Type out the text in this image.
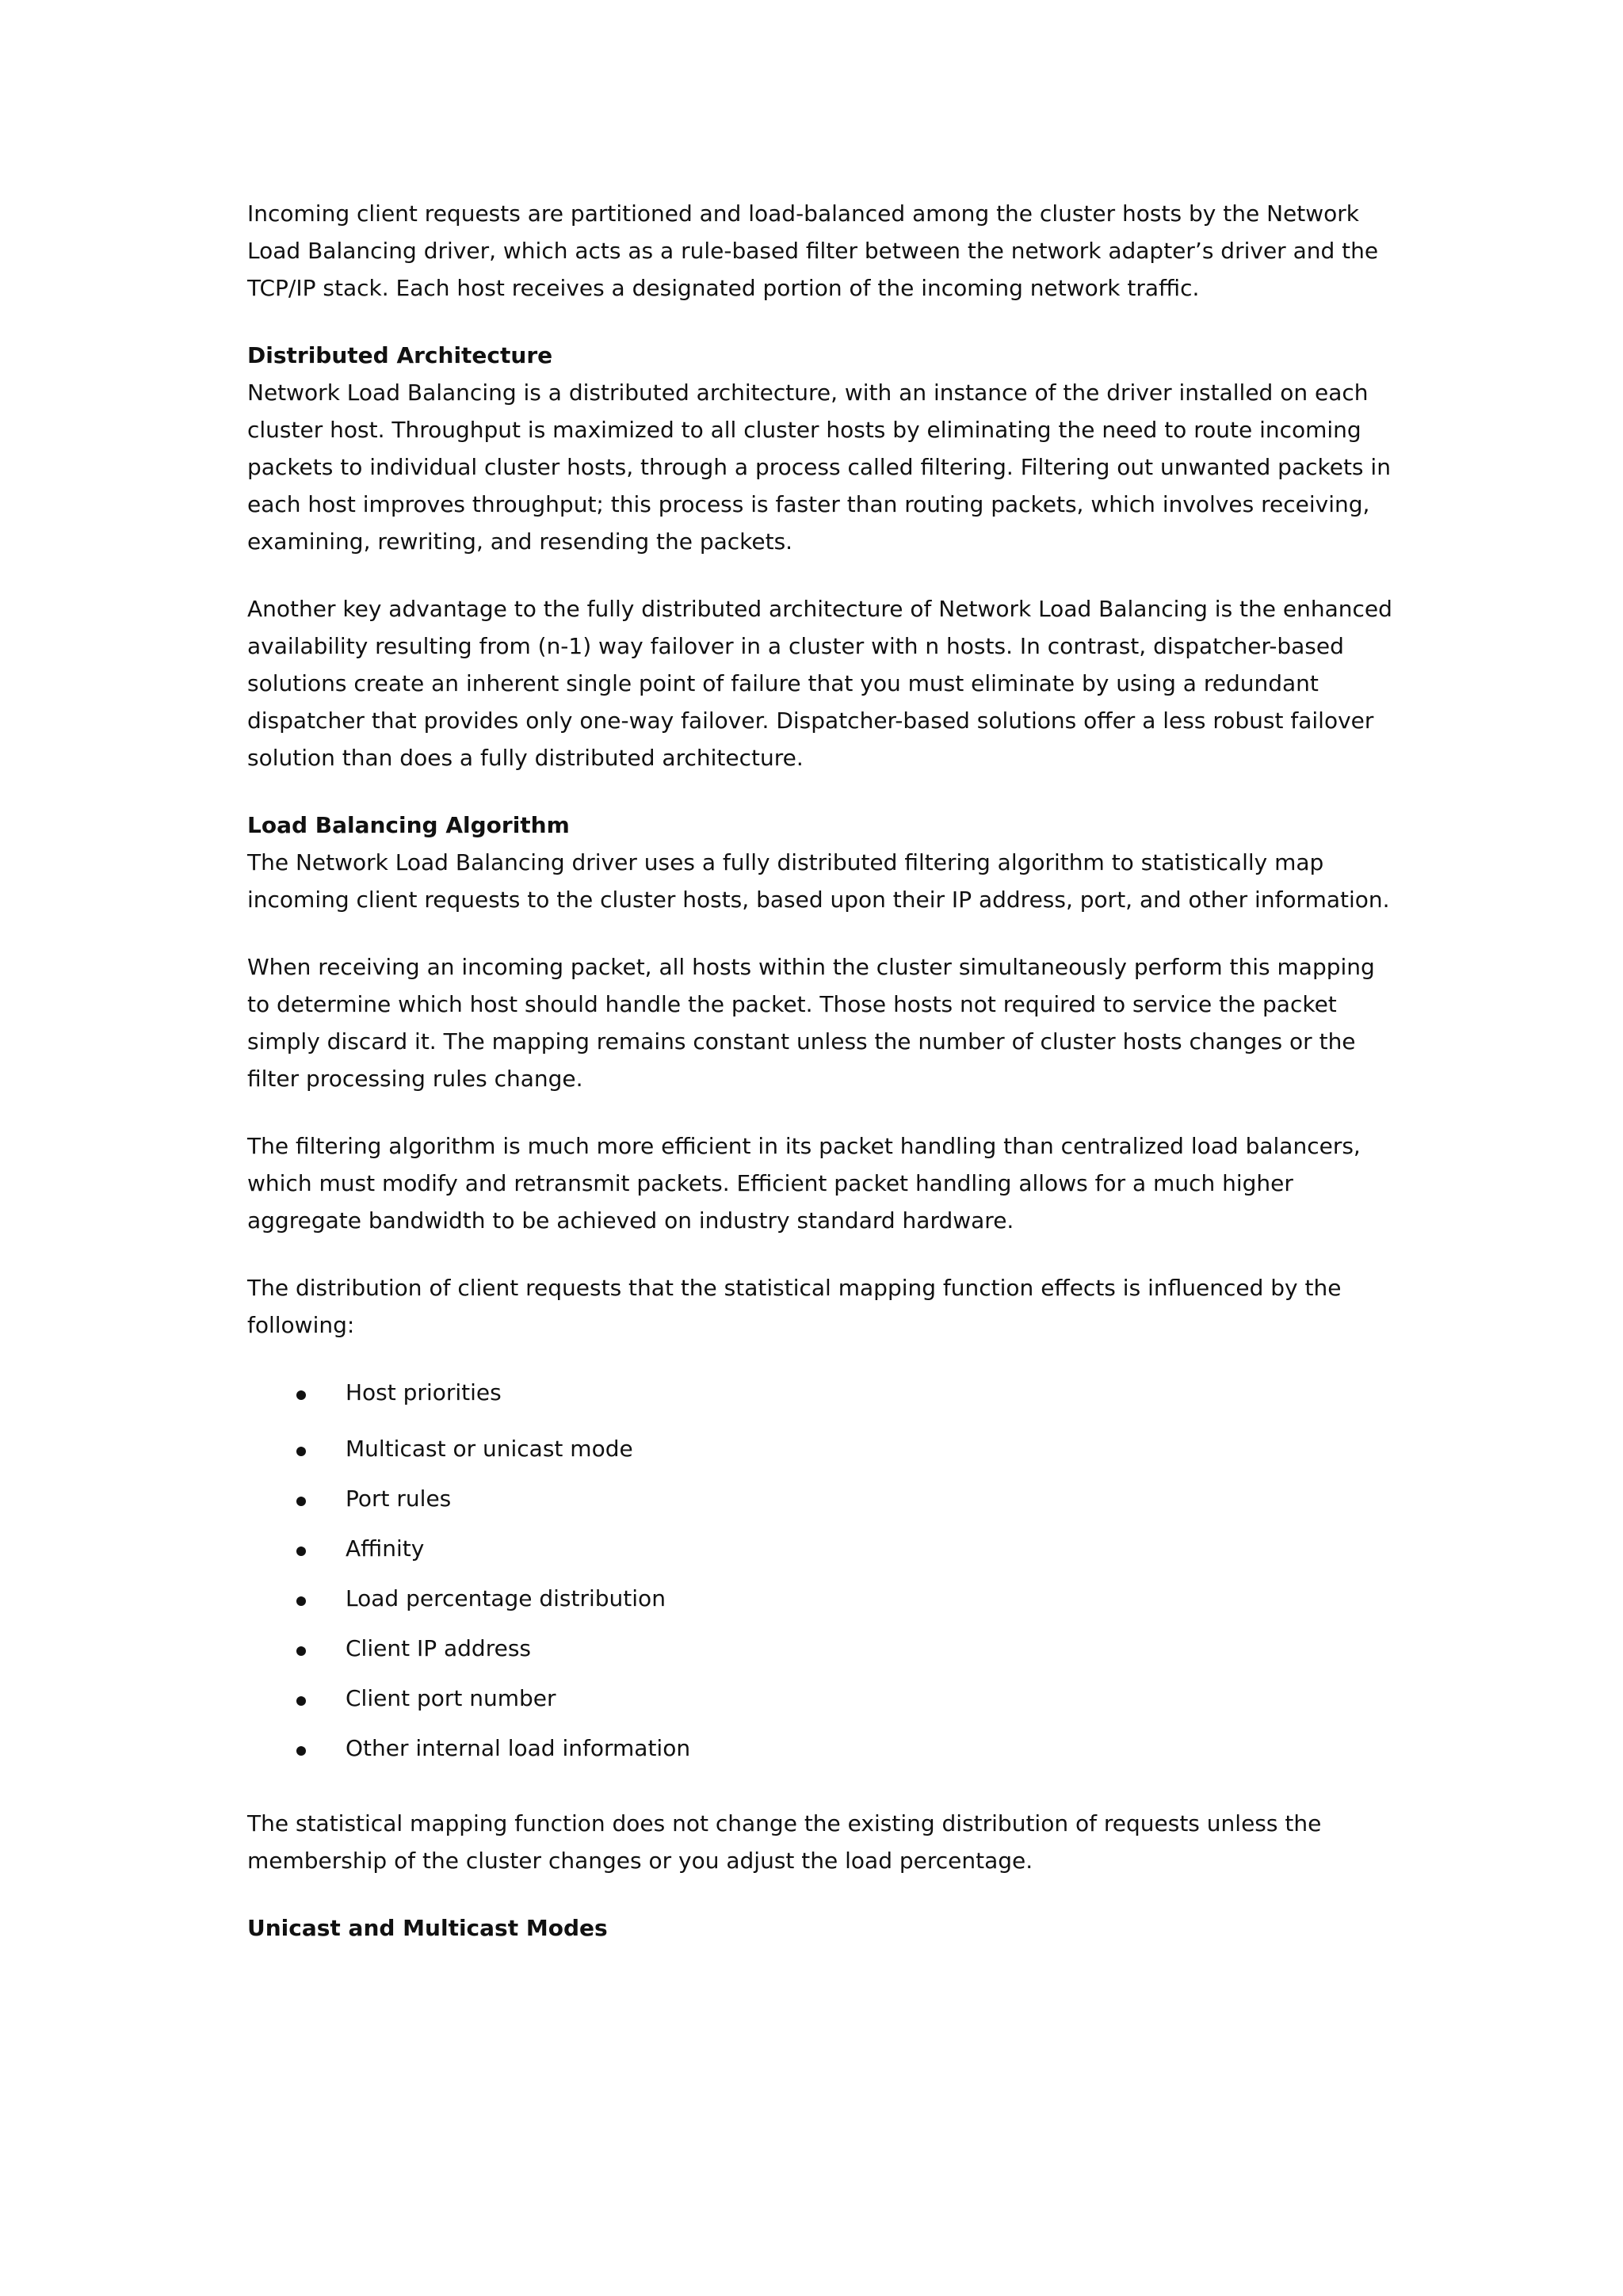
Incoming client requests are partitioned and load-balanced among the cluster hosts by the Network Load Balancing driver, which acts as a rule-based filter between the network adapter’s driver and the TCP/IP stack. Each host receives a designated portion of the incoming network traffic.

Distributed Architecture

Network Load Balancing is a distributed architecture, with an instance of the driver installed on each cluster host. Throughput is maximized to all cluster hosts by eliminating the need to route incoming packets to individual cluster hosts, through a process called filtering. Filtering out unwanted packets in each host improves throughput; this process is faster than routing packets, which involves receiving, examining, rewriting, and resending the packets.

Another key advantage to the fully distributed architecture of Network Load Balancing is the enhanced availability resulting from (n-1) way failover in a cluster with n hosts. In contrast, dispatcher-based solutions create an inherent single point of failure that you must eliminate by using a redundant dispatcher that provides only one-way failover. Dispatcher-based solutions offer a less robust failover solution than does a fully distributed architecture.

Load Balancing Algorithm

The Network Load Balancing driver uses a fully distributed filtering algorithm to statistically map incoming client requests to the cluster hosts, based upon their IP address, port, and other information.

When receiving an incoming packet, all hosts within the cluster simultaneously perform this mapping to determine which host should handle the packet. Those hosts not required to service the packet simply discard it. The mapping remains constant unless the number of cluster hosts changes or the filter processing rules change.

The filtering algorithm is much more efficient in its packet handling than centralized load balancers, which must modify and retransmit packets. Efficient packet handling allows for a much higher aggregate bandwidth to be achieved on industry standard hardware.

The distribution of client requests that the statistical mapping function effects is influenced by the following:

Host priorities
Multicast or unicast mode
Port rules
Affinity
Load percentage distribution
Client IP address
Client port number
Other internal load information

The statistical mapping function does not change the existing distribution of requests unless the membership of the cluster changes or you adjust the load percentage.

Unicast and Multicast Modes
